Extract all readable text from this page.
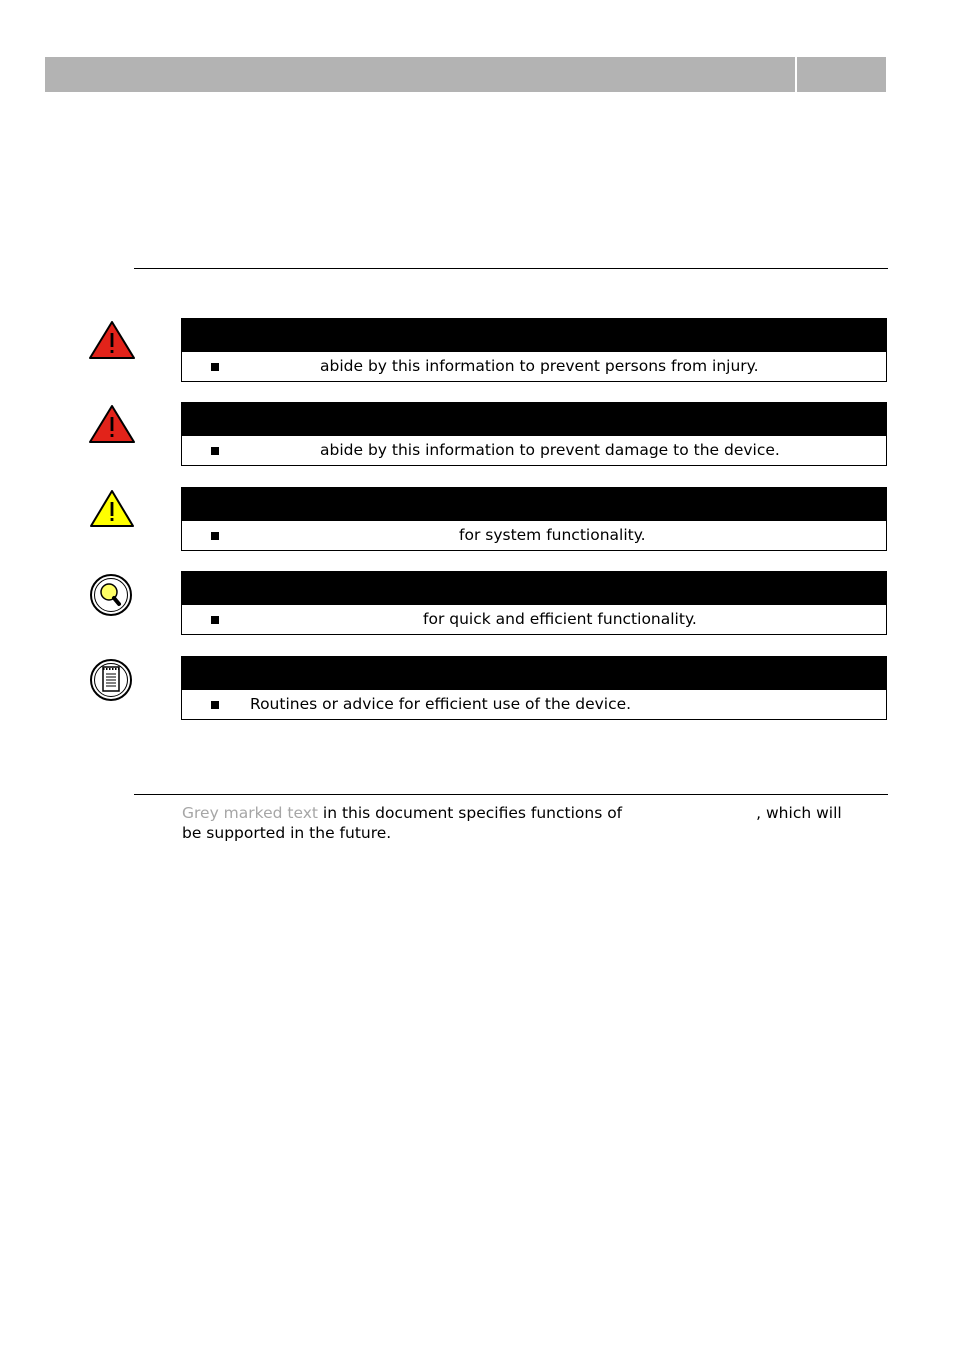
abide by this information to prevent persons from injury.
abide by this information to prevent damage to the device.
for system functionality.
for quick and efficient functionality.
Routines or advice for efficient use of the device.
Grey marked text in this document specifies functions of	, which will
be supported in the future.
